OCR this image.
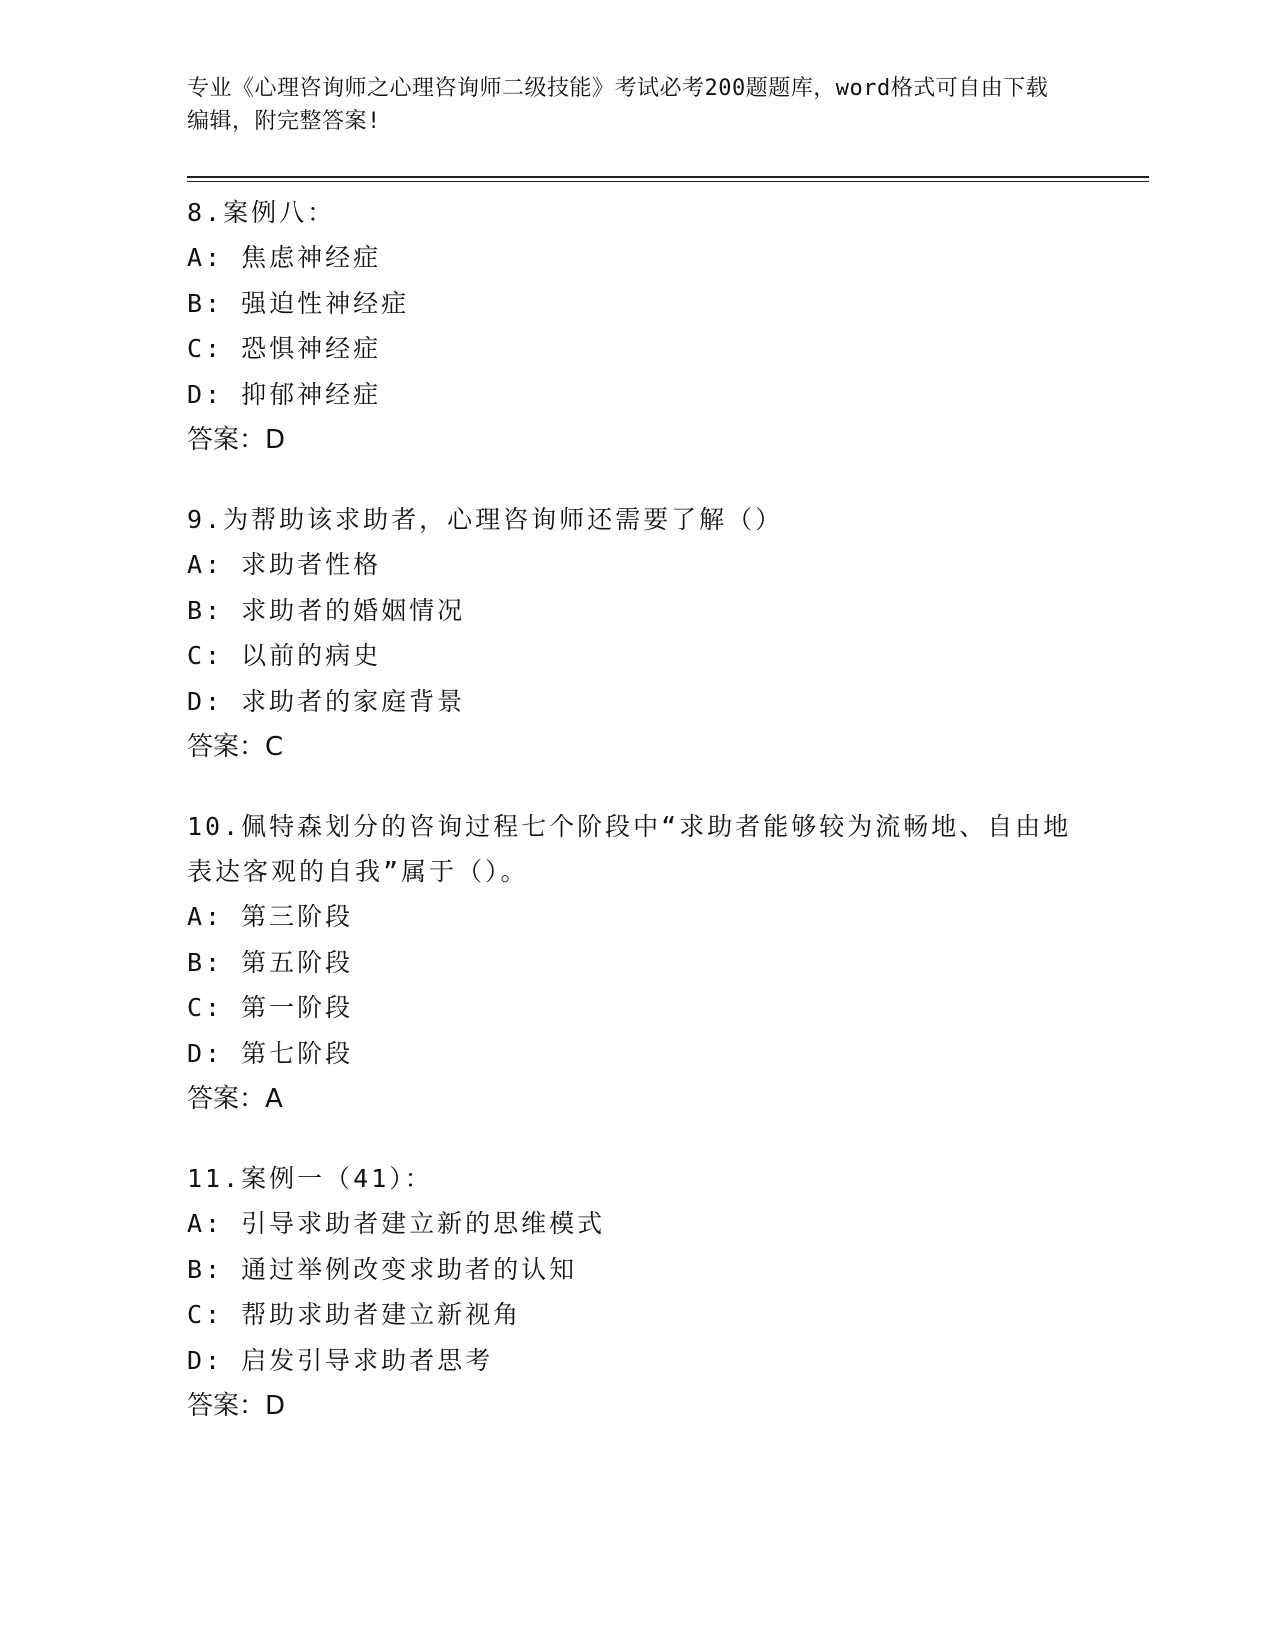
专业《心理咨询师之心理咨询师二级技能》考试必考200题题库，word格式可自由下载编辑，附完整答案!
8.案例八：
A: 焦虑神经症
B: 强迫性神经症
C: 恐惧神经症
D: 抑郁神经症
答案：D
9.为帮助该求助者，心理咨询师还需要了解（）
A: 求助者性格
B: 求助者的婚姻情况
C: 以前的病史
D: 求助者的家庭背景
答案：C
10.佩特森划分的咨询过程七个阶段中“求助者能够较为流畅地、自由地表达客观的自我”属于（）。
A: 第三阶段
B: 第五阶段
C: 第一阶段
D: 第七阶段
答案：A
11.案例一（41）：
A: 引导求助者建立新的思维模式
B: 通过举例改变求助者的认知
C: 帮助求助者建立新视角
D: 启发引导求助者思考
答案：D
